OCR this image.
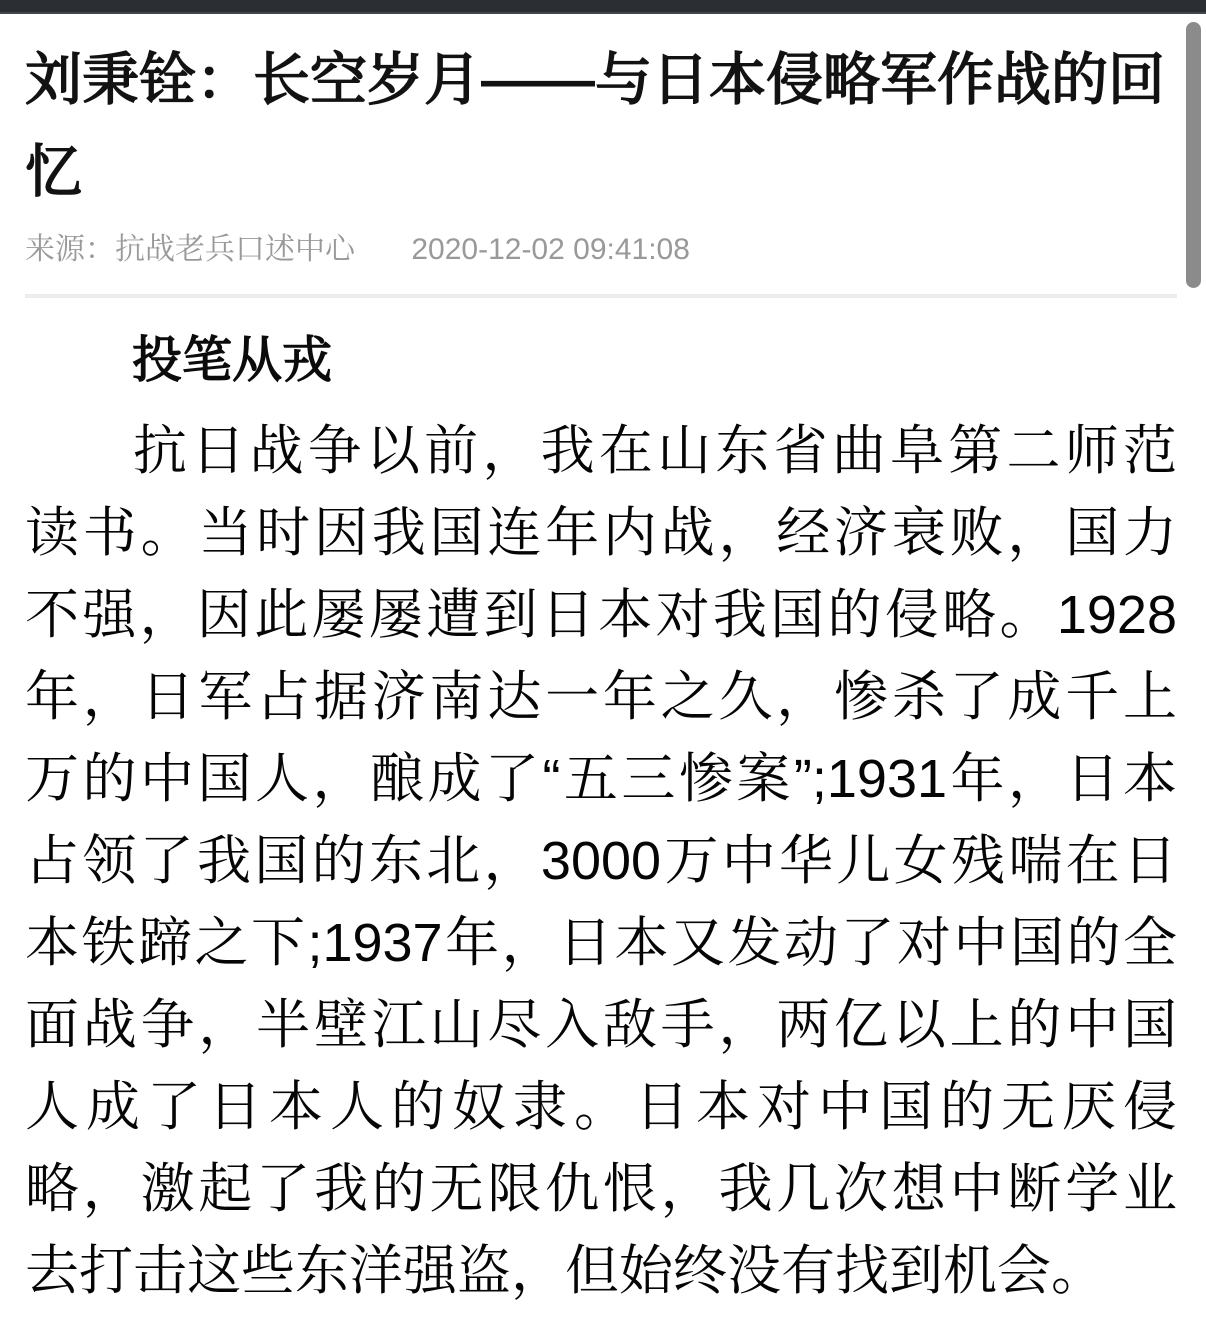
刘秉铨：长空岁月——与日本侵略军作战的回忆
来源：抗战老兵口述中心 2020-12-02 09:41:08
投笔从戎
抗日战争以前，我在山东省曲阜第二师范
读书。当时因我国连年内战，经济衰败，国力
不强，因此屡屡遭到日本对我国的侵略。1928
年，日军占据济南达一年之久，惨杀了成千上
万的中国人，酿成了“五三惨案”;1931年，日本
占领了我国的东北，3000万中华儿女残喘在日
本铁蹄之下;1937年，日本又发动了对中国的全
面战争，半壁江山尽入敌手，两亿以上的中国
人成了日本人的奴隶。日本对中国的无厌侵
略，激起了我的无限仇恨，我几次想中断学业
去打击这些东洋强盗，但始终没有找到机会。
